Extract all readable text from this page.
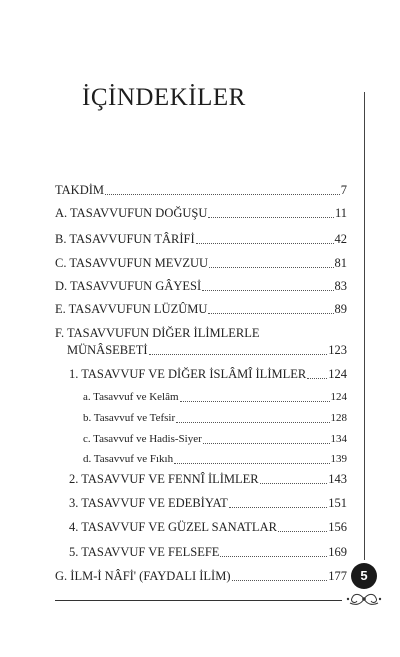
İÇİNDEKİLER
TAKDİM	7
A. TASAVVUFUN DOĞUŞU	11
B. TASAVVUFUN TÂRİFİ	42
C. TASAVVUFUN MEVZUU	81
D. TASAVVUFUN GÂYESİ	83
E. TASAVVUFUN LÜZÛMU	89
F. TASAVVUFUN DİĞER İLİMLERLE
MÜNÂSEBETİ	123
1. TASAVVUF VE DİĞER İSLÂMÎ İLİMLER 124
a. Tasavvuf ve Kelâm	124
b. Tasavvuf ve Tefsir	128
c. Tasavvuf ve Hadis-Siyer	134
d. Tasavvuf ve Fıkıh	139
2. TASAVVUF VE FENNÎ İLİMLER	143
3. TASAVVUF VE EDEBİYAT	151
4. TASAVVUF VE GÜZEL SANATLAR	156
5. TASAVVUF VE FELSEFE	169
G. İLM-İ NÂFİ' (FAYDALI İLİM)	177	5
